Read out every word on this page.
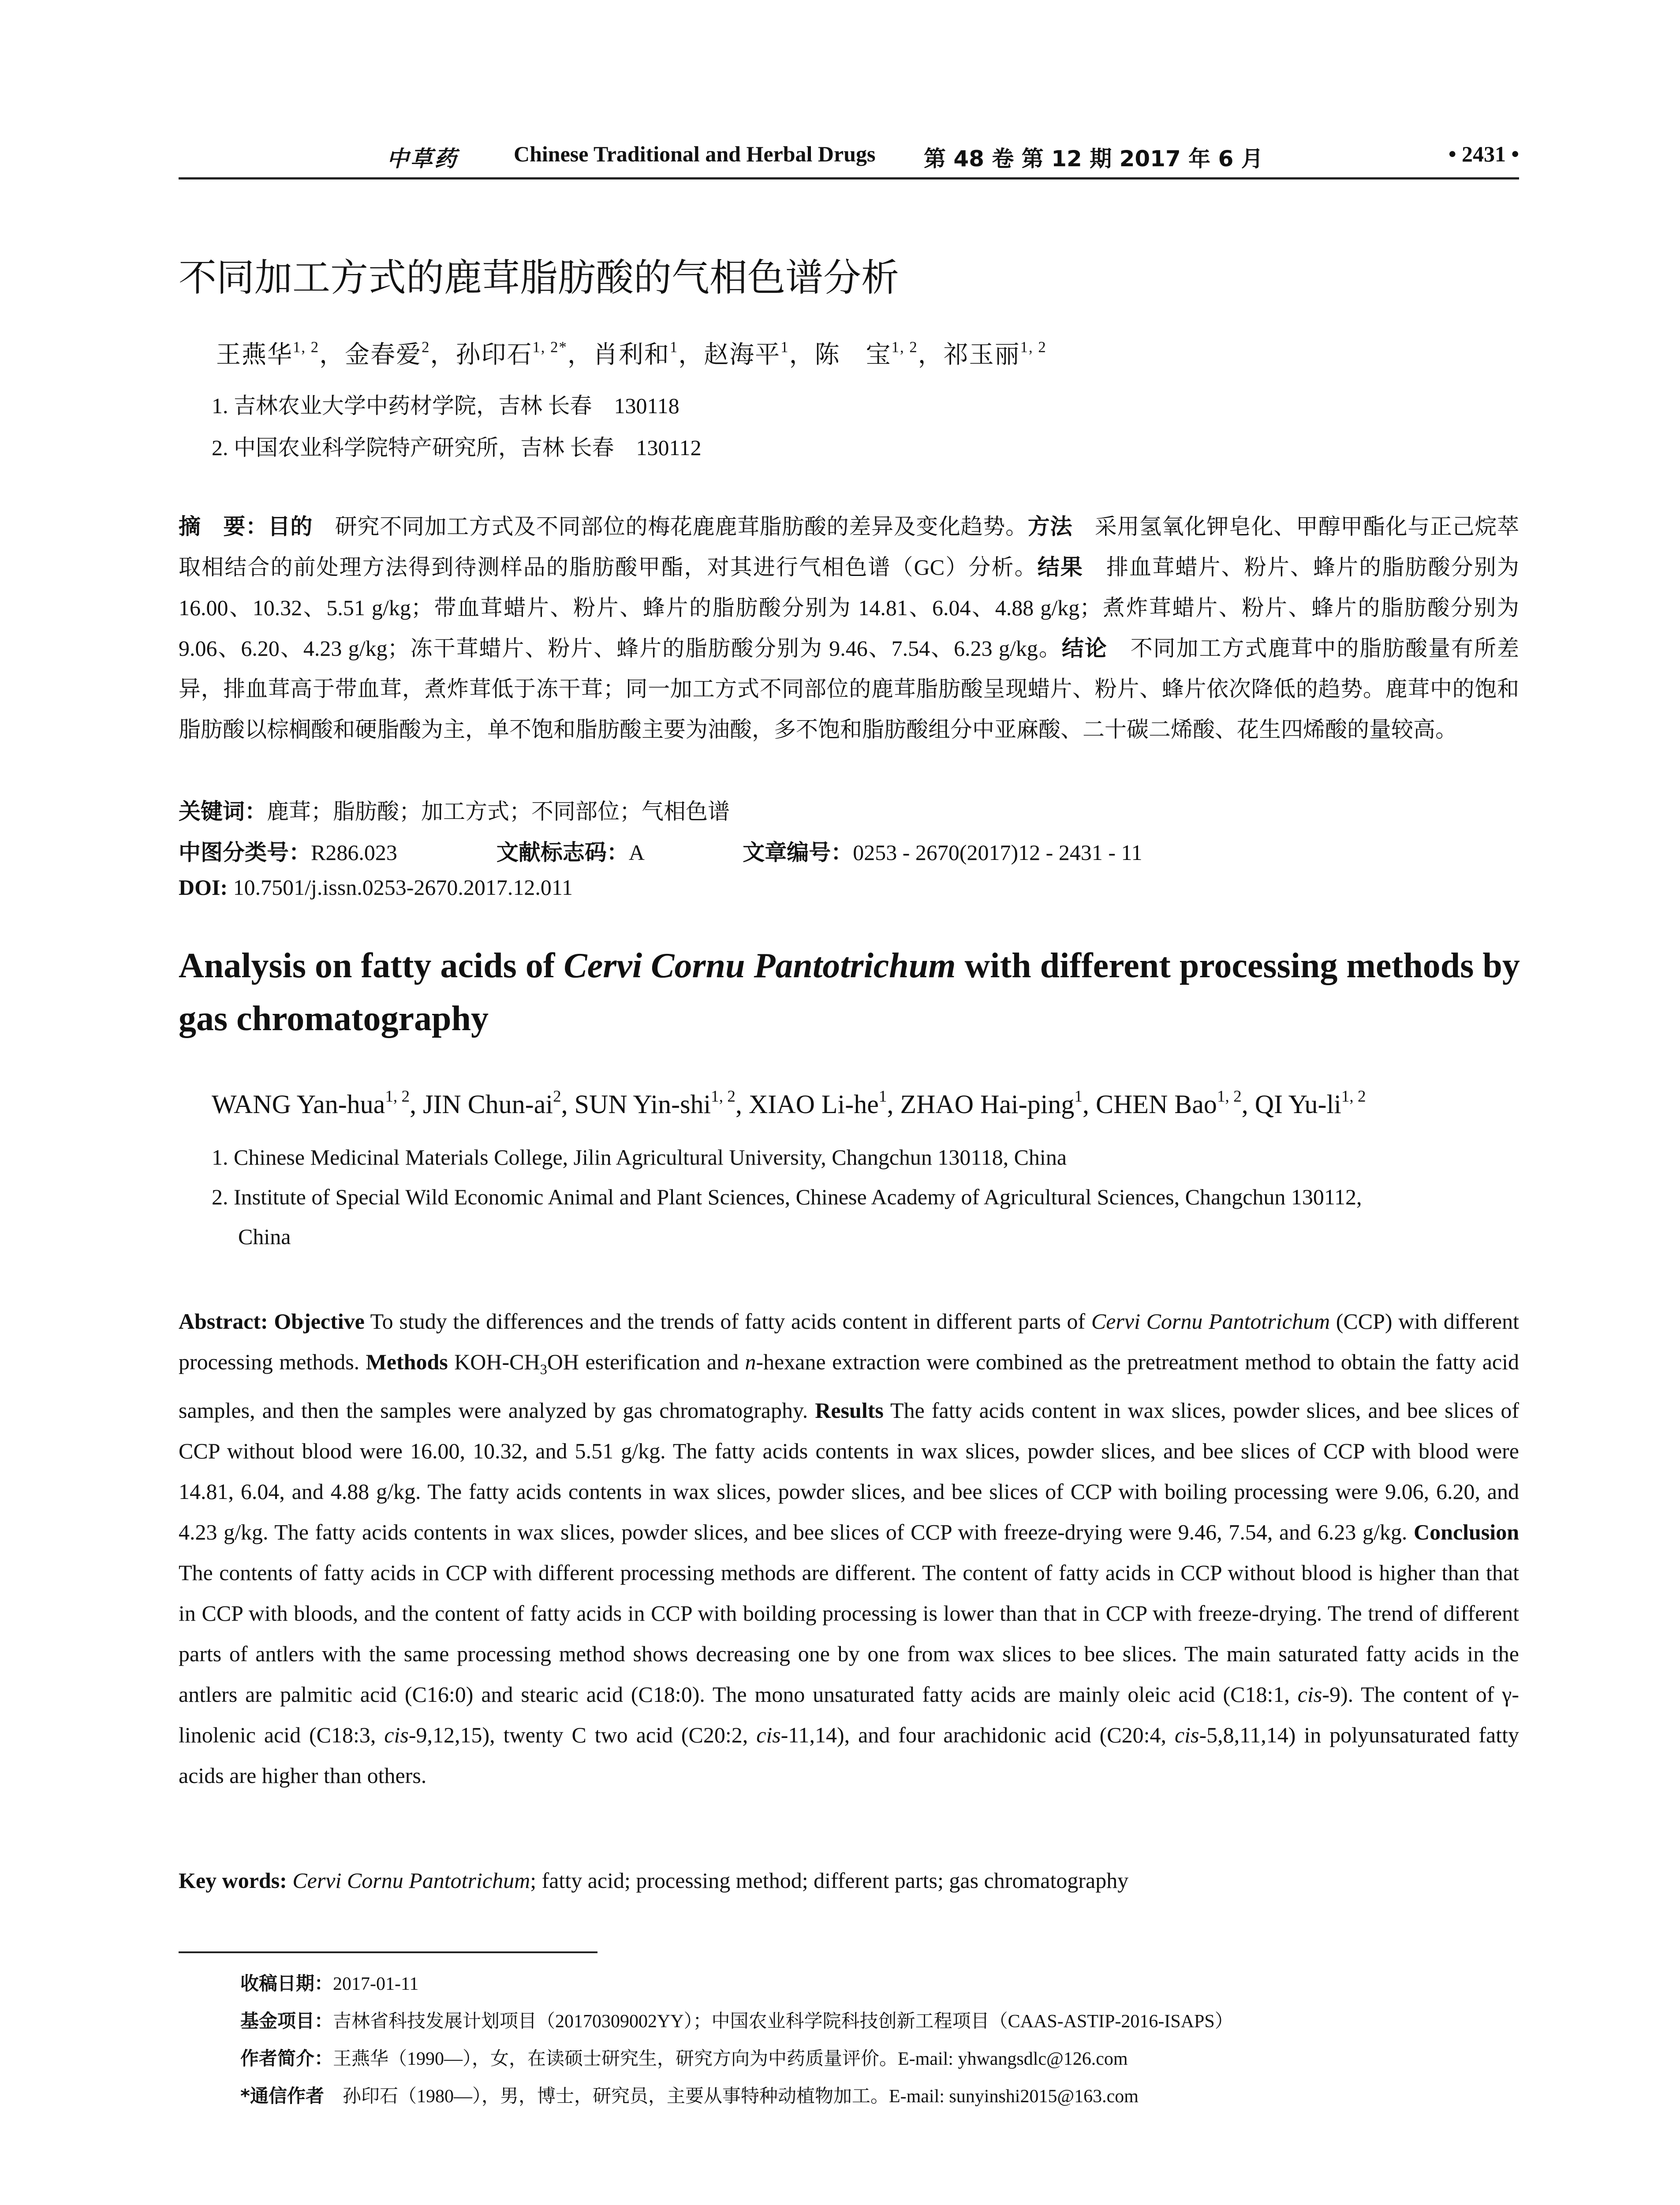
中草药	Chinese Traditional and Herbal Drugs 第 48 卷 第 12 期 2017 年 6 月	• 2431 •
不同加工方式的鹿茸脂肪酸的气相色谱分析
王燕华$^{1, 2}$，金春爱$^2$，孙印石$^{1, 2*}$，肖利和$^1$，赵海平$^1$，陈　宝$^{1, 2}$，祁玉丽$^{1, 2}$
1. 吉林农业大学中药材学院，吉林 长春　130118
2. 中国农业科学院特产研究所，吉林 长春　130112
摘　要：目的　研究不同加工方式及不同部位的梅花鹿鹿茸脂肪酸的差异及变化趋势。方法　采用氢氧化钾皂化、甲醇甲酯化与正己烷萃取相结合的前处理方法得到待测样品的脂肪酸甲酯，对其进行气相色谱（GC）分析。结果　排血茸蜡片、粉片、蜂片的脂肪酸分别为 16.00、10.32、5.51 g/kg；带血茸蜡片、粉片、蜂片的脂肪酸分别为 14.81、6.04、4.88 g/kg；煮炸茸蜡片、粉片、蜂片的脂肪酸分别为 9.06、6.20、4.23 g/kg；冻干茸蜡片、粉片、蜂片的脂肪酸分别为 9.46、7.54、6.23 g/kg。结论　不同加工方式鹿茸中的脂肪酸量有所差异，排血茸高于带血茸，煮炸茸低于冻干茸；同一加工方式不同部位的鹿茸脂肪酸呈现蜡片、粉片、蜂片依次降低的趋势。鹿茸中的饱和脂肪酸以棕榈酸和硬脂酸为主，单不饱和脂肪酸主要为油酸，多不饱和脂肪酸组分中亚麻酸、二十碳二烯酸、花生四烯酸的量较高。
关键词：鹿茸；脂肪酸；加工方式；不同部位；气相色谱
中图分类号：R286.023	文献标志码：A	文章编号：0253 - 2670(2017)12 - 2431 - 11
DOI: 10.7501/j.issn.0253-2670.2017.12.011
Analysis on fatty acids of Cervi Cornu Pantotrichum with different processing methods by gas chromatography
WANG Yan-hua$^{1, 2}$, JIN Chun-$ai^2$, SUN Yin-shi$^{1, 2}$, XIAO $Li-he^1$, ZHAO Hai-ping$^1$, CHEN Bao$^{1, 2}$, QI Yu-li$^{1, 2}$
1. Chinese Medicinal Materials College, Jilin Agricultural University, Changchun 130118, China
2. Institute of Special Wild Economic Animal and Plant Sciences, Chinese Academy of Agricultural Sciences, Changchun 130112,
China
Abstract: Objective To study the differences and the trends of fatty acids content in different parts of Cervi Cornu Pantotrichum (CCP) with different processing methods. Methods KOH-$CH_3OH$ esterification and n-hexane extraction were combined as the pretreatment method to obtain the fatty acid samples, and then the samples were analyzed by gas chromatography. Results The fatty acids content in wax slices, powder slices, and bee slices of CCP without blood were 16.00, 10.32, and 5.51 g/kg. The fatty acids contents in wax slices, powder slices, and bee slices of CCP with blood were 14.81, 6.04, and 4.88 g/kg. The fatty acids contents in wax slices, powder slices, and bee slices of CCP with boiling processing were 9.06, 6.20, and 4.23 g/kg. The fatty acids contents in wax slices, powder slices, and bee slices of CCP with freeze-drying were 9.46, 7.54, and 6.23 g/kg. Conclusion The contents of fatty acids in CCP with different processing methods are different. The content of fatty acids in CCP without blood is higher than that in CCP with bloods, and the content of fatty acids in CCP with boilding processing is lower than that in CCP with freeze-drying. The trend of different parts of antlers with the same processing method shows decreasing one by one from wax slices to bee slices. The main saturated fatty acids in the antlers are palmitic acid (C16:0) and stearic acid (C18:0). The mono unsaturated fatty acids are mainly oleic acid (C18:1, cis-9). The content of γ-linolenic acid (C18:3, cis-9,12,15), twenty C two acid (C20:2, cis-11,14), and four arachidonic acid (C20:4, cis-5,8,11,14) in polyunsaturated fatty acids are higher than others.
Key words: Cervi Cornu Pantotrichum; fatty acid; processing method; different parts; gas chromatography
收稿日期：2017-01-11
基金项目：吉林省科技发展计划项目（20170309002YY）；中国农业科学院科技创新工程项目（CAAS-ASTIP-2016-ISAPS）
作者简介：王燕华（1990—），女，在读硕士研究生，研究方向为中药质量评价。E-mail: yhwangsdlc@126.com
*通信作者　孙印石（1980—），男，博士，研究员，主要从事特种动植物加工。E-mail: sunyinshi2015@163.com
